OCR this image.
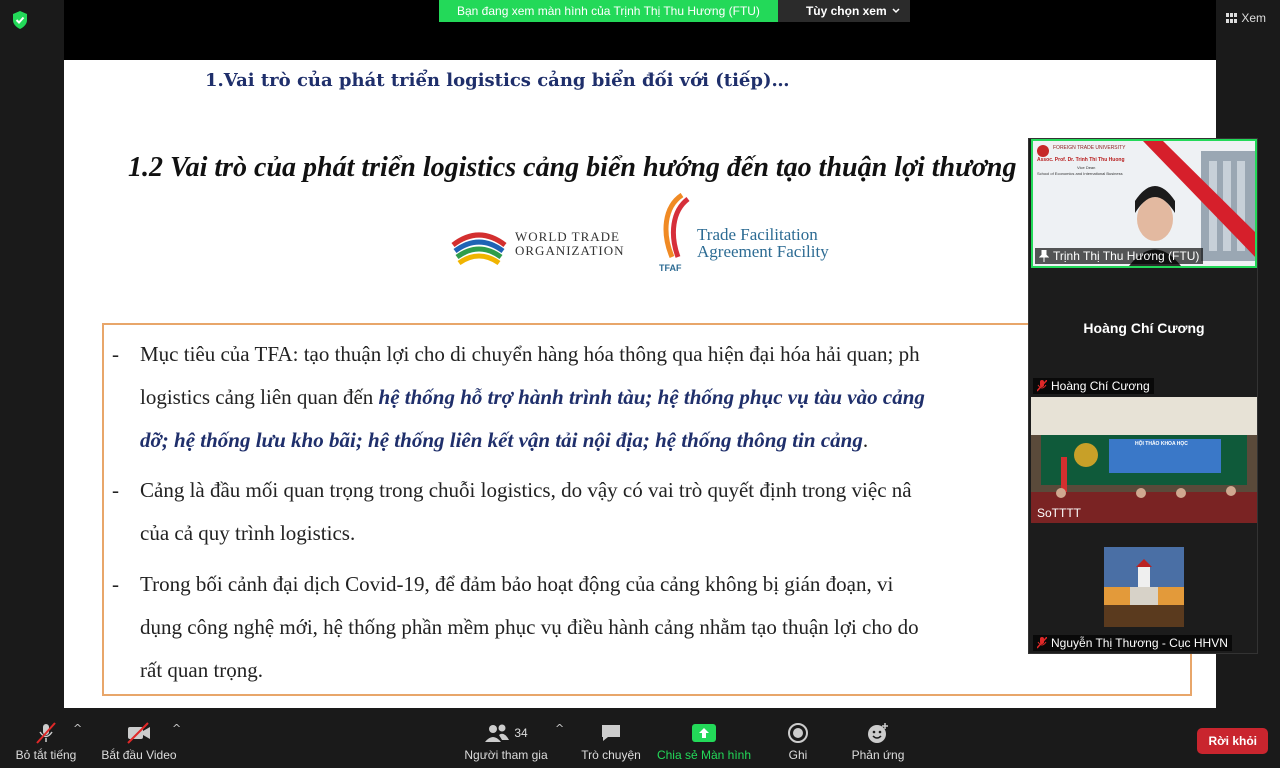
Bạn đang xem màn hình của Trịnh Thị Thu Hương (FTU)	Tùy chọn xem	Xem
1.Vai trò của phát triển logistics cảng biển đối với (tiếp)…
1.2 Vai trò của phát triển logistics cảng biển hướng đến tạo thuận lợi thương
WORLD TRADE
ORGANIZATION
TFAF
Trade Facilitation
Agreement Facility
- Mục tiêu của TFA: tạo thuận lợi cho di chuyển hàng hóa thông qua hiện đại hóa hải quan; ph
logistics cảng liên quan đến hệ thống hỗ trợ hành trình tàu; hệ thống phục vụ tàu vào cảng
dỡ; hệ thống lưu kho bãi; hệ thống liên kết vận tải nội địa; hệ thống thông tin cảng.
- Cảng là đầu mối quan trọng trong chuỗi logistics, do vậy có vai trò quyết định trong việc nâ
của cả quy trình logistics.
- Trong bối cảnh đại dịch Covid-19, để đảm bảo hoạt động của cảng không bị gián đoạn, vi
dụng công nghệ mới, hệ thống phần mềm phục vụ điều hành cảng nhằm tạo thuận lợi cho do
rất quan trọng.
FOREIGN TRADE UNIVERSITY
Assoc. Prof. Dr. Trinh Thi Thu Huong
Vice Dean
School of Economics and International Business
Trịnh Thị Thu Hương (FTU)
Hoàng Chí Cương
Hoàng Chí Cương
HỘI THẢO KHOA HỌC
SoTTTT
Nguyễn Thị Thương - Cục HHVN
Bỏ tắt tiếng
^
Bắt đầu Video
^	34
Người tham gia
^
Trò chuyện Chia sẻ Màn hình	Ghi	Phản ứng
Rời khỏi
